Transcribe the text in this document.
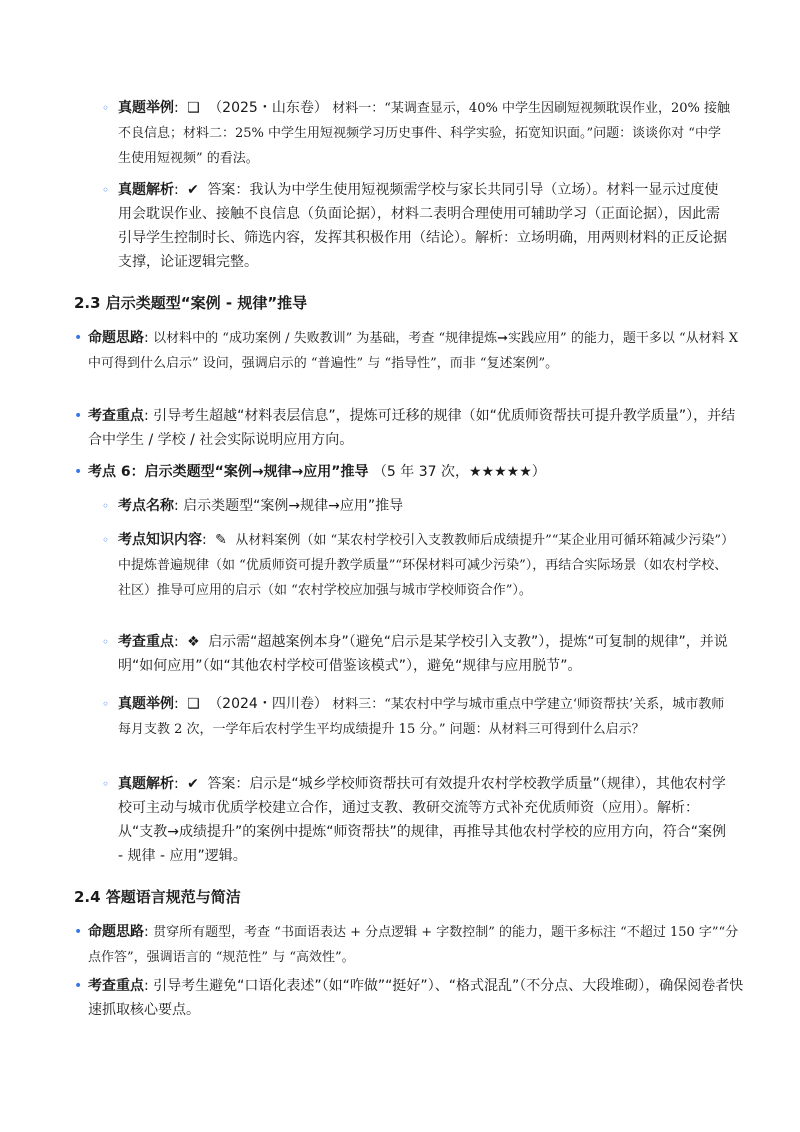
◦ 真题举例: ❑ （2025・山东卷） 材料一：“某调查显示，40% 中学生因刷短视频耽误作业，20% 接触不良信息；材料二：25% 中学生用短视频学习历史事件、科学实验，拓宽知识面。”问题：谈谈你对 “中学生使用短视频” 的看法。
◦ 真题解析: ✔ 答案：我认为中学生使用短视频需学校与家长共同引导（立场）。材料一显示过度使用会耽误作业、接触不良信息（负面论据），材料二表明合理使用可辅助学习（正面论据），因此需引导学生控制时长、筛选内容，发挥其积极作用（结论）。解析：立场明确，用两则材料的正反论据支撑，论证逻辑完整。
2.3 启示类题型“案例 - 规律”推导
• 命题思路: 以材料中的 “成功案例 / 失败教训” 为基础，考查 “规律提炼➞实践应用” 的能力，题干多以 “从材料 X 中可得到什么启示” 设问，强调启示的 “普遍性” 与 “指导性”，而非 “复述案例”。
• 考查重点: 引导考生超越“材料表层信息”，提炼可迁移的规律（如“优质师资帮扶可提升教学质量”），并结合中学生 / 学校 / 社会实际说明应用方向。
• 考点 6：启示类题型“案例→规律→应用”推导 （5 年 37 次，★★★★★）
◦ 考点名称: 启示类题型“案例→规律→应用”推导
◦ 考点知识内容: ✎ 从材料案例（如 “某农村学校引入支教教师后成绩提升”“某企业用可循环箱减少污染”）中提炼普遍规律（如 “优质师资可提升教学质量”“环保材料可减少污染”），再结合实际场景（如农村学校、社区）推导可应用的启示（如 “农村学校应加强与城市学校师资合作”）。
◦ 考查重点: ❖ 启示需“超越案例本身”（避免“启示是某学校引入支教”），提炼“可复制的规律”，并说明“如何应用”（如“其他农村学校可借鉴该模式”），避免“规律与应用脱节”。
◦ 真题举例: ❑ （2024・四川卷） 材料三：“某农村中学与城市重点中学建立‘师资帮扶’关系，城市教师每月支教 2 次，一学年后农村学生平均成绩提升 15 分。” 问题：从材料三可得到什么启示？
◦ 真题解析: ✔ 答案：启示是“城乡学校师资帮扶可有效提升农村学校教学质量”（规律），其他农村学校可主动与城市优质学校建立合作，通过支教、教研交流等方式补充优质师资（应用）。解析：从“支教→成绩提升”的案例中提炼“师资帮扶”的规律，再推导其他农村学校的应用方向，符合“案例 - 规律 - 应用”逻辑。
2.4 答题语言规范与简洁
• 命题思路: 贯穿所有题型，考查 “书面语表达 + 分点逻辑 + 字数控制” 的能力，题干多标注 “不超过 150 字”“分点作答”，强调语言的 “规范性” 与 “高效性”。
• 考查重点: 引导考生避免“口语化表述”（如“咋做”“挺好”）、“格式混乱”（不分点、大段堆砌），确保阅卷者快速抓取核心要点。
